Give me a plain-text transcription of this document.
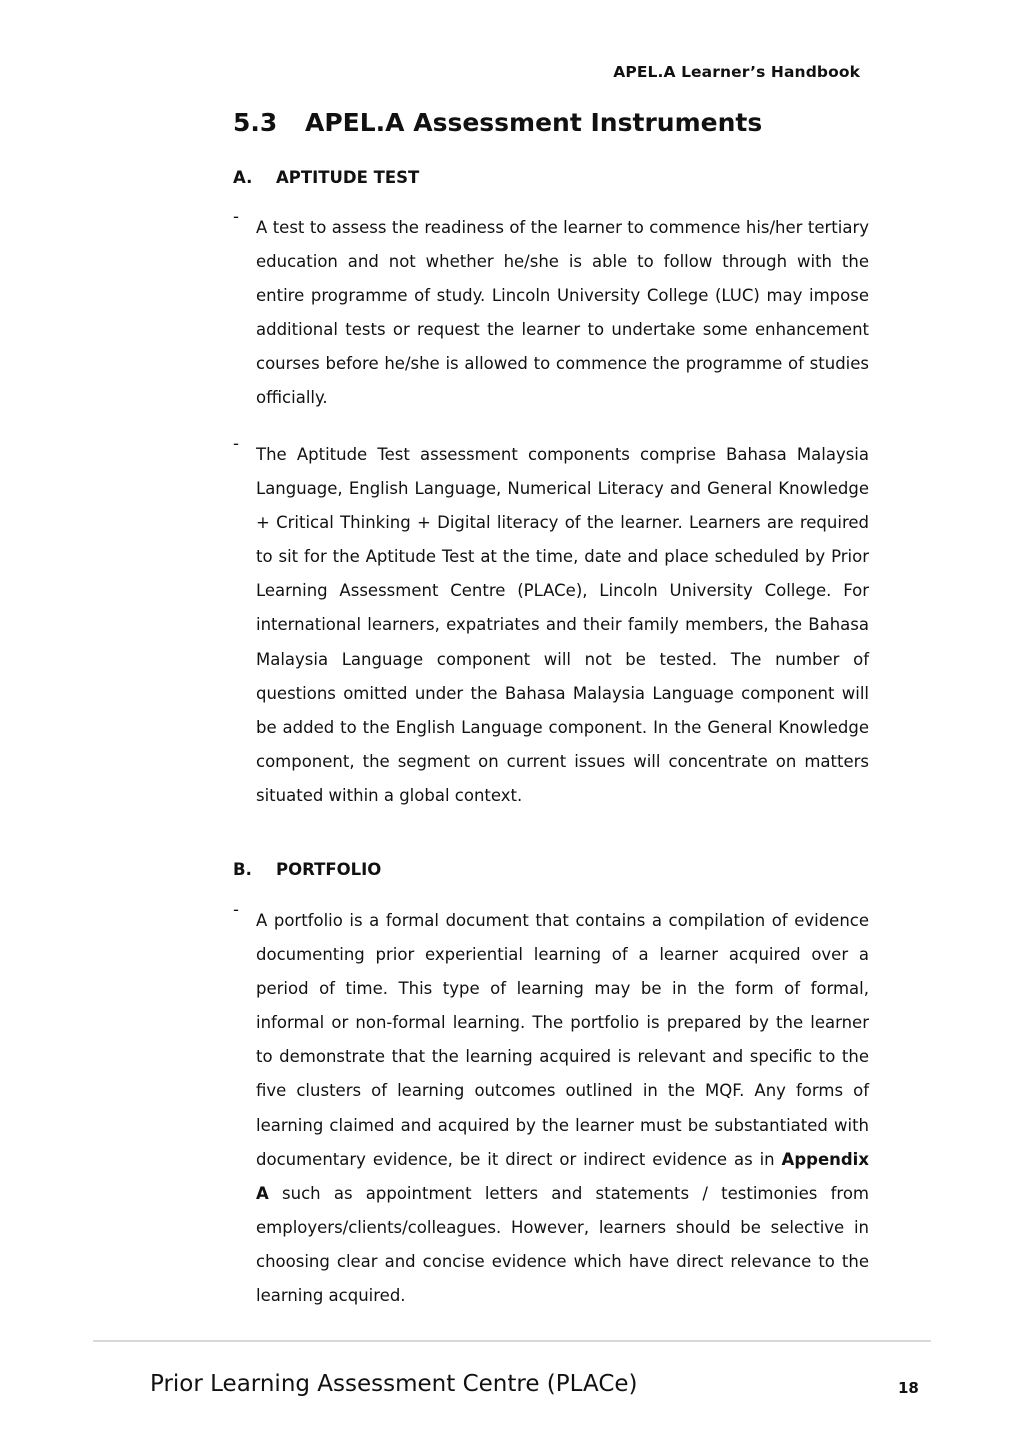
APEL.A Learner’s Handbook
5.3 APEL.A Assessment Instruments
A. APTITUDE TEST
-

A test to assess the readiness of the learner to commence his/her tertiary education and not whether he/she is able to follow through with the entire programme of study. Lincoln University College (LUC) may impose additional tests or request the learner to undertake some enhancement courses before he/she is allowed to commence the programme of studies officially.

-

The Aptitude Test assessment components comprise Bahasa Malaysia Language, English Language, Numerical Literacy and General Knowledge + Critical Thinking + Digital literacy of the learner. Learners are required to sit for the Aptitude Test at the time, date and place scheduled by Prior Learning Assessment Centre (PLACe), Lincoln University College. For international learners, expatriates and their family members, the Bahasa Malaysia Language component will not be tested. The number of questions omitted under the Bahasa Malaysia Language component will be added to the English Language component. In the General Knowledge component, the segment on current issues will concentrate on matters situated within a global context.

B. PORTFOLIO
-

A portfolio is a formal document that contains a compilation of evidence documenting prior experiential learning of a learner acquired over a period of time. This type of learning may be in the form of formal, informal or non-formal learning. The portfolio is prepared by the learner to demonstrate that the learning acquired is relevant and specific to the five clusters of learning outcomes outlined in the MQF. Any forms of learning claimed and acquired by the learner must be substantiated with documentary evidence, be it direct or indirect evidence as in Appendix A such as appointment letters and statements / testimonies from employers/clients/colleagues. However, learners should be selective in choosing clear and concise evidence which have direct relevance to the learning acquired.

Prior Learning Assessment Centre (PLACe)	18
